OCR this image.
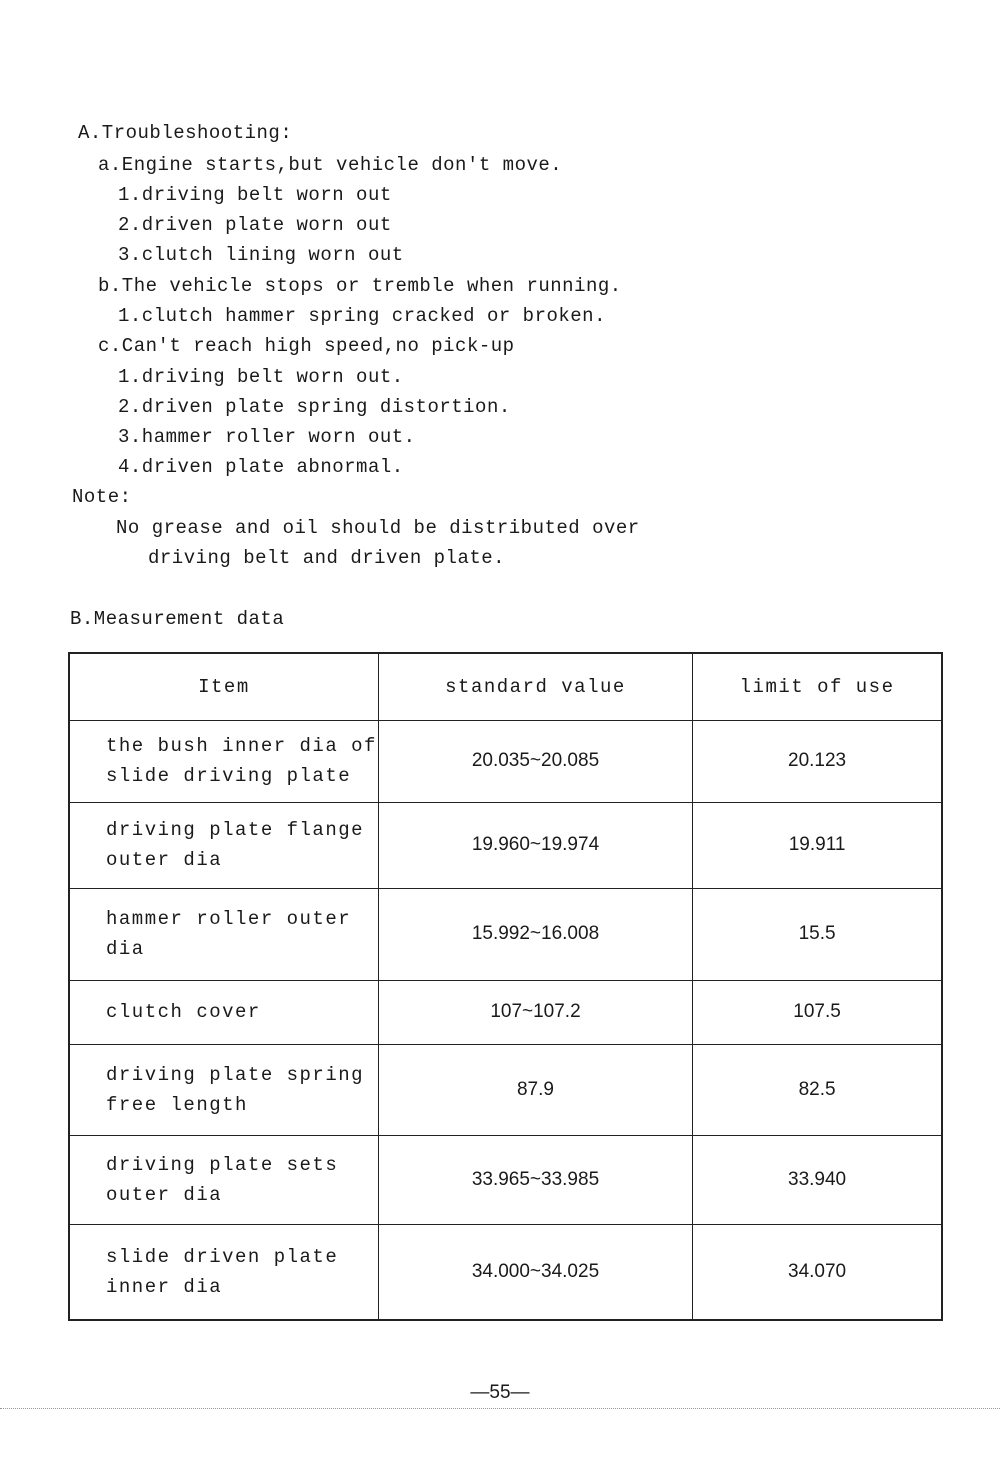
A.Troubleshooting:
a.Engine starts,but vehicle don't move.
1.driving belt worn out
2.driven plate worn out
3.clutch lining worn out
b.The vehicle stops or tremble when running.
1.clutch hammer spring cracked or broken.
c.Can't reach high speed,no pick-up
1.driving belt worn out.
2.driven plate spring distortion.
3.hammer roller worn out.
4.driven plate abnormal.
Note:
No grease and oil should be distributed over
driving belt and driven plate.
B.Measurement data
Item	standard value	limit of use

the bush inner dia of
slide driving plate	20.035~20.085	20.123

driving plate flange
outer dia	19.960~19.974	19.911

hammer roller outer
dia	15.992~16.008	15.5

clutch cover	107~107.2	107.5

driving plate spring
free length	87.9	82.5

driving plate sets
outer dia	33.965~33.985	33.940

slide driven plate
inner dia	34.000~34.025	34.070
—55—
